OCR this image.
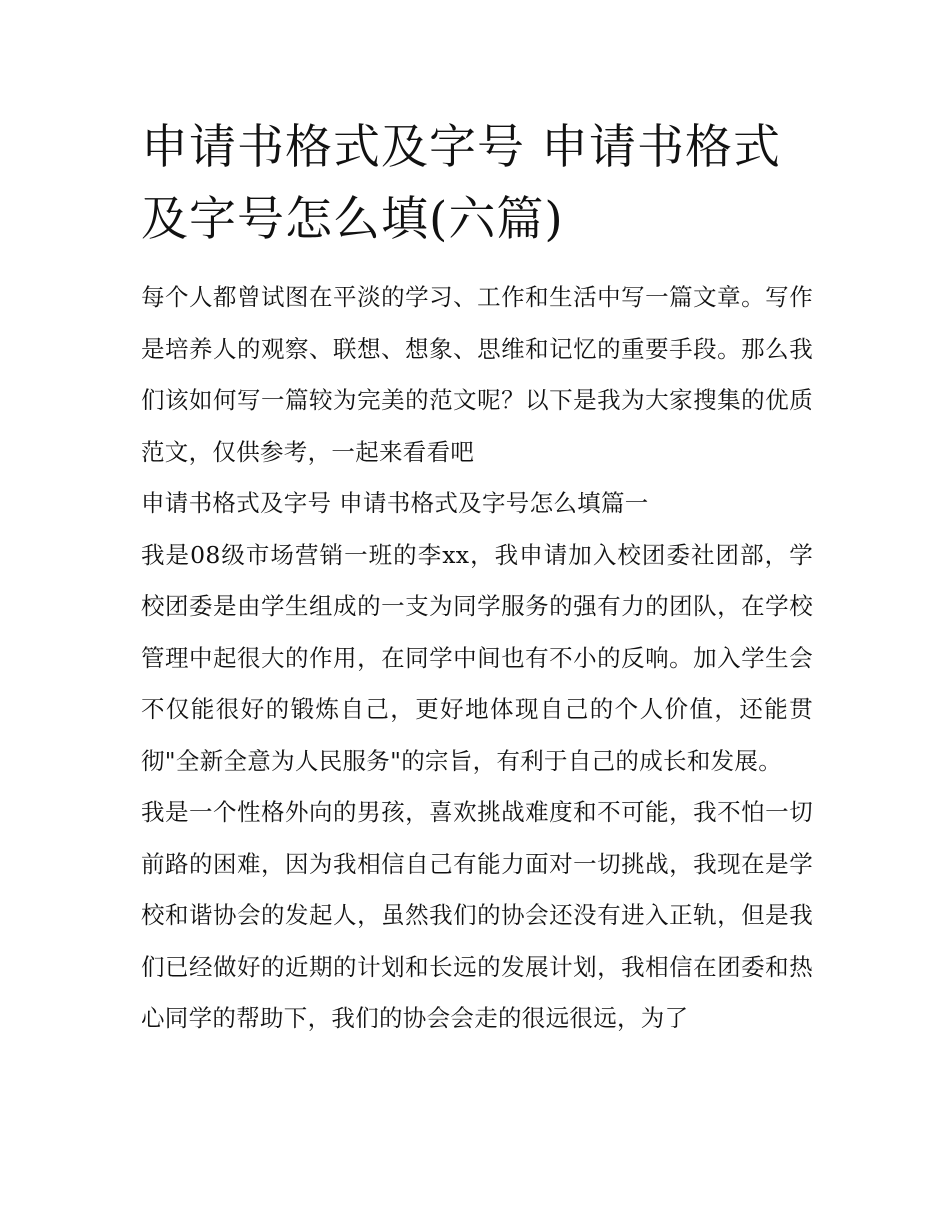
申请书格式及字号 申请书格式及字号怎么填(六篇)

每个人都曾试图在平淡的学习、工作和生活中写一篇文章。写作是培养人的观察、联想、想象、思维和记忆的重要手段。那么我们该如何写一篇较为完美的范文呢？以下是我为大家搜集的优质范文，仅供参考，一起来看看吧

申请书格式及字号 申请书格式及字号怎么填篇一

我是08级市场营销一班的李xx，我申请加入校团委社团部，学校团委是由学生组成的一支为同学服务的强有力的团队，在学校管理中起很大的作用，在同学中间也有不小的反响。加入学生会不仅能很好的锻炼自己，更好地体现自己的个人价值，还能贯彻"全新全意为人民服务"的宗旨，有利于自己的成长和发展。

我是一个性格外向的男孩，喜欢挑战难度和不可能，我不怕一切前路的困难，因为我相信自己有能力面对一切挑战，我现在是学校和谐协会的发起人，虽然我们的协会还没有进入正轨，但是我们已经做好的近期的计划和长远的发展计划，我相信在团委和热心同学的帮助下，我们的协会会走的很远很远，为了
